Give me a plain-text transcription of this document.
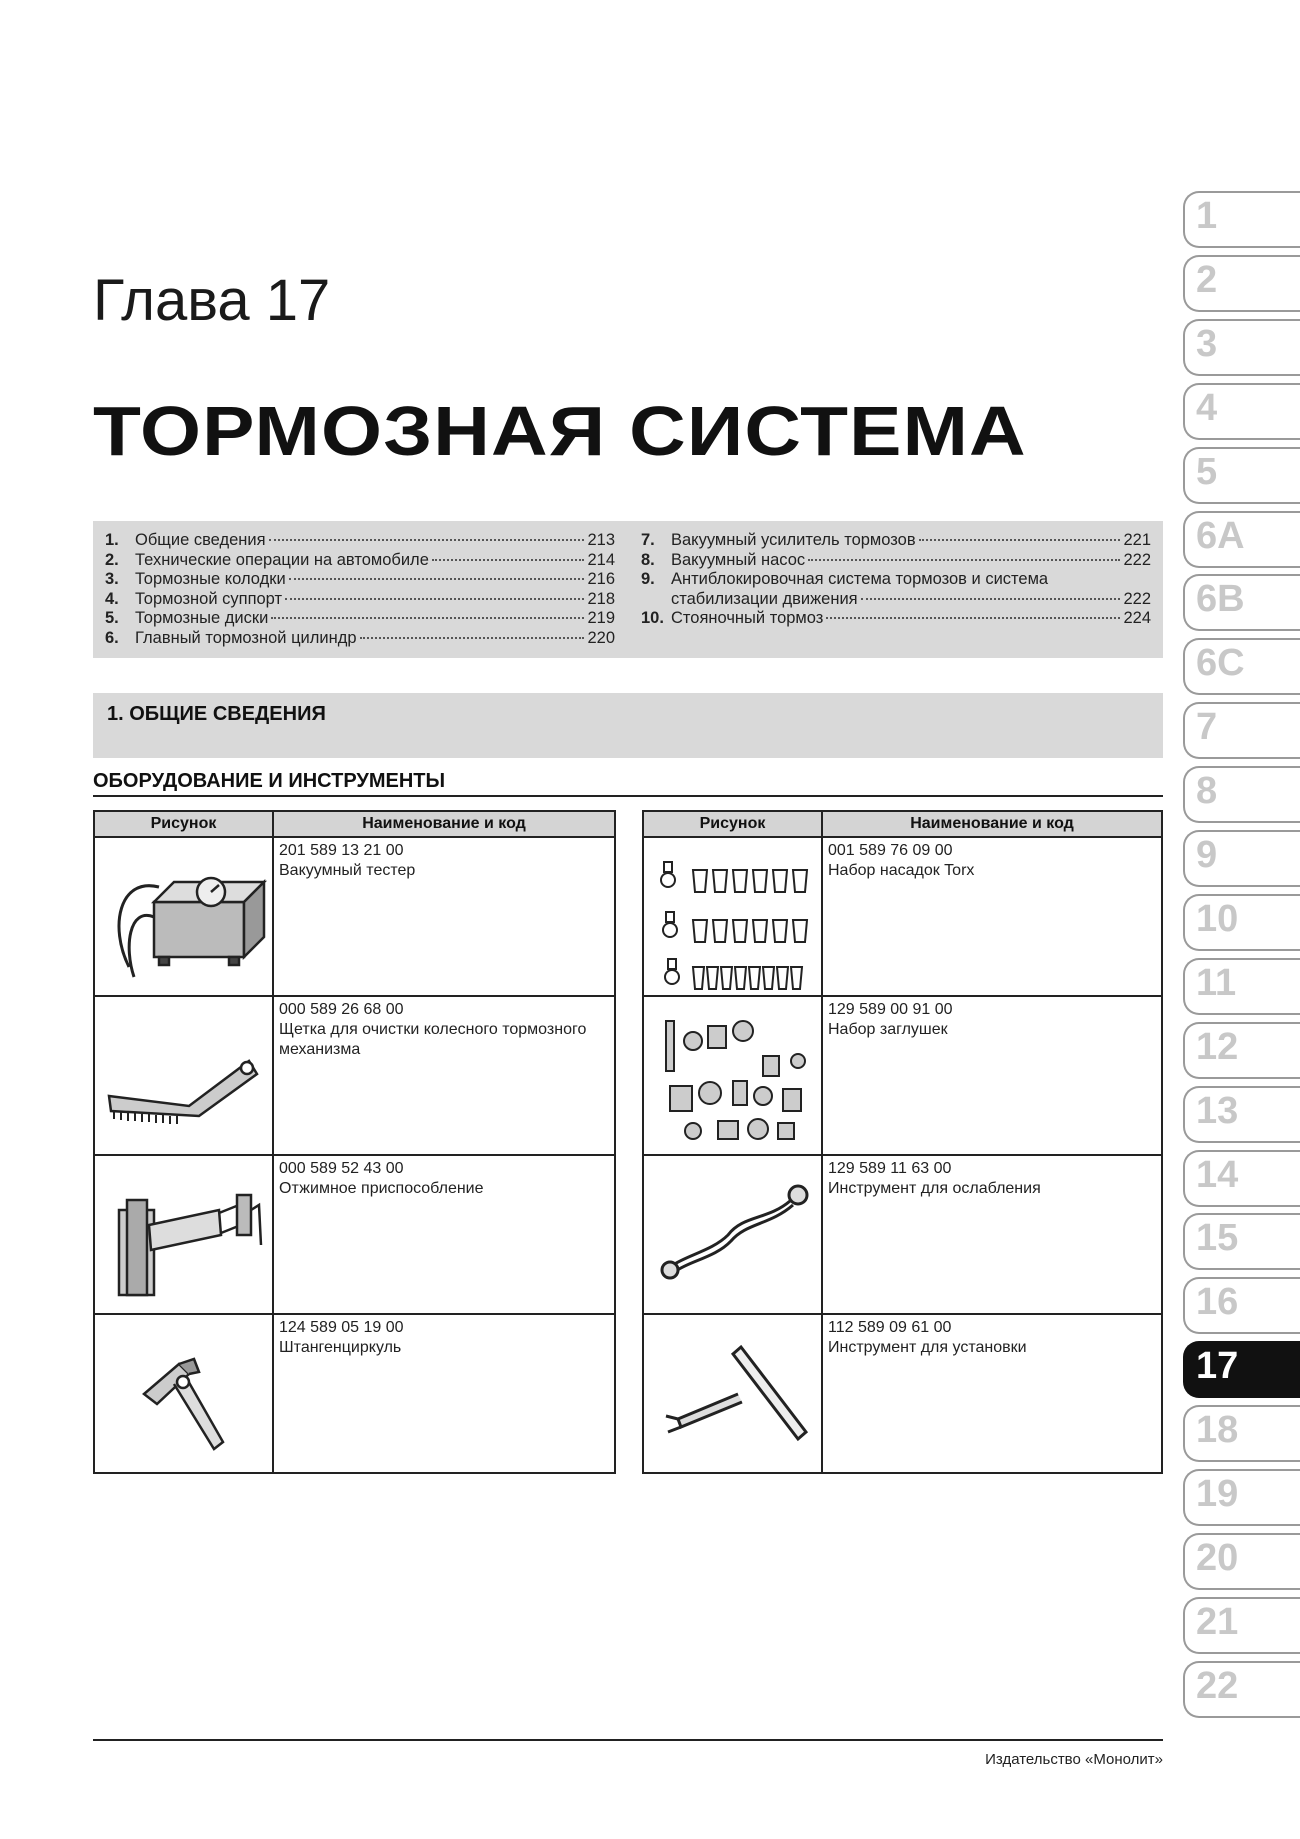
Глава 17
ТОРМОЗНАЯ СИСТЕМА
1. Общие сведения	213
2. Технические операции на автомобиле	214
3. Тормозные колодки	216
4. Тормозной суппорт	218
5. Тормозные диски	219
6. Главный тормозной цилиндр	220
7. Вакуумный усилитель тормозов	221
8. Вакуумный насос	222
9. Антиблокировочная система тормозов и система
стабилизации движения	222
10. Стояночный тормоз	224
1. ОБЩИЕ СВЕДЕНИЯ
ОБОРУДОВАНИЕ И ИНСТРУМЕНТЫ
Рисунок	Наименование и код

201 589 13 21 00
Вакуумный тестер

000 589 26 68 00
Щетка для очистки колесного тормозного механизма

000 589 52 43 00
Отжимное приспособление

124 589 05 19 00
Штангенциркуль
Рисунок	Наименование и код

001 589 76 09 00
Набор насадок Torx

129 589 00 91 00
Набор заглушек

129 589 11 63 00
Инструмент для ослабления

112 589 09 61 00
Инструмент для установки
1
2
3
4
5
6A
6B
6C
7
8
9
10
11
12
13
14
15
16
17
18
19
20
21
22
Издательство «Монолит»
